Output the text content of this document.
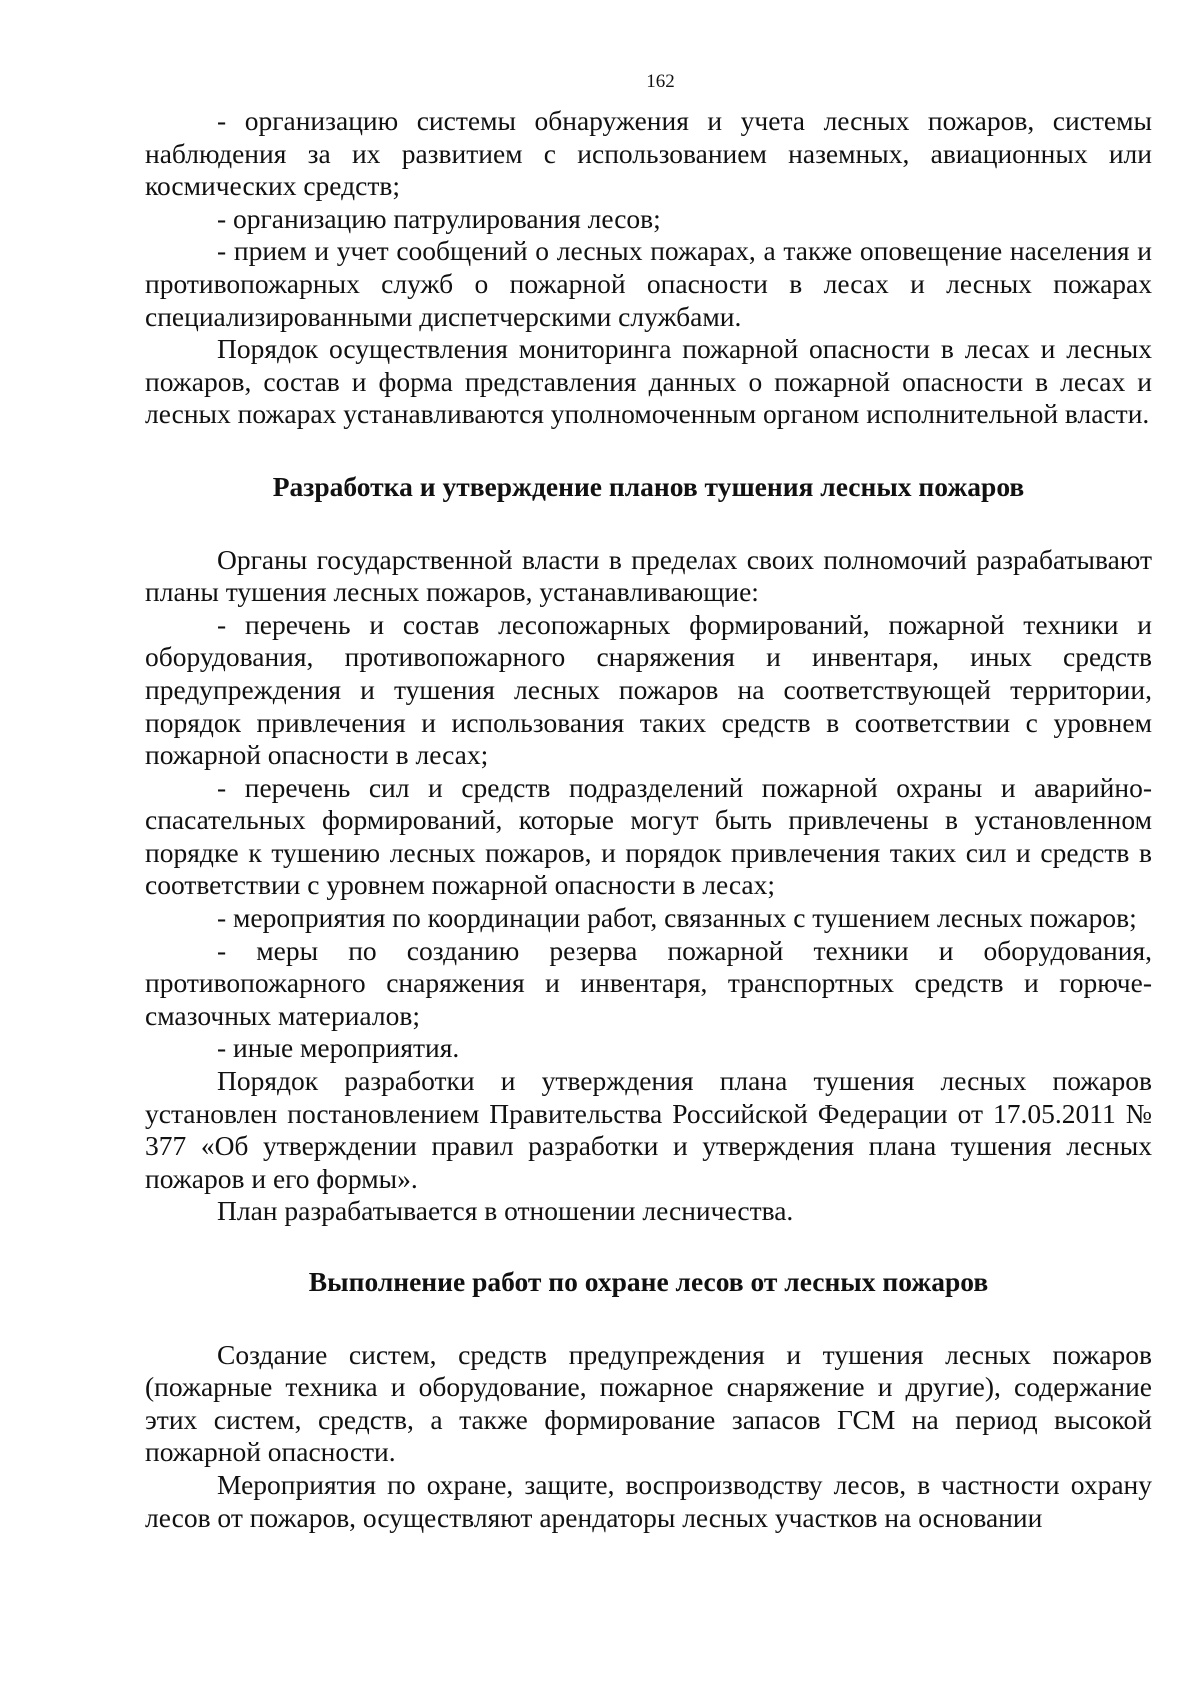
162

- организацию системы обнаружения и учета лесных пожаров, системы наблюдения за их развитием с использованием наземных, авиационных или космических средств;

- организацию патрулирования лесов;

- прием и учет сообщений о лесных пожарах, а также оповещение населения и противопожарных служб о пожарной опасности в лесах и лесных пожарах специализированными диспетчерскими службами.

Порядок осуществления мониторинга пожарной опасности в лесах и лесных пожаров, состав и форма представления данных о пожарной опасности в лесах и лесных пожарах устанавливаются уполномоченным органом исполнительной власти.

Разработка и утверждение планов тушения лесных пожаров

Органы государственной власти в пределах своих полномочий разрабатывают планы тушения лесных пожаров, устанавливающие:

- перечень и состав лесопожарных формирований, пожарной техники и оборудования, противопожарного снаряжения и инвентаря, иных средств предупреждения и тушения лесных пожаров на соответствующей территории, порядок привлечения и использования таких средств в соответствии с уровнем пожарной опасности в лесах;

- перечень сил и средств подразделений пожарной охраны и аварийно-спасательных формирований, которые могут быть привлечены в установленном порядке к тушению лесных пожаров, и порядок привлечения таких сил и средств в соответствии с уровнем пожарной опасности в лесах;

- мероприятия по координации работ, связанных с тушением лесных пожаров;

- меры по созданию резерва пожарной техники и оборудования, противопожарного снаряжения и инвентаря, транспортных средств и горюче-смазочных материалов;

- иные мероприятия.

Порядок разработки и утверждения плана тушения лесных пожаров установлен постановлением Правительства Российской Федерации от 17.05.2011 № 377 «Об утверждении правил разработки и утверждения плана тушения лесных пожаров и его формы».

План разрабатывается в отношении лесничества.

Выполнение работ по охране лесов от лесных пожаров

Создание систем, средств предупреждения и тушения лесных пожаров (пожарные техника и оборудование, пожарное снаряжение и другие), содержание этих систем, средств, а также формирование запасов ГСМ на период высокой пожарной опасности.

Мероприятия по охране, защите, воспроизводству лесов, в частности охрану лесов от пожаров, осуществляют арендаторы лесных участков на основании
